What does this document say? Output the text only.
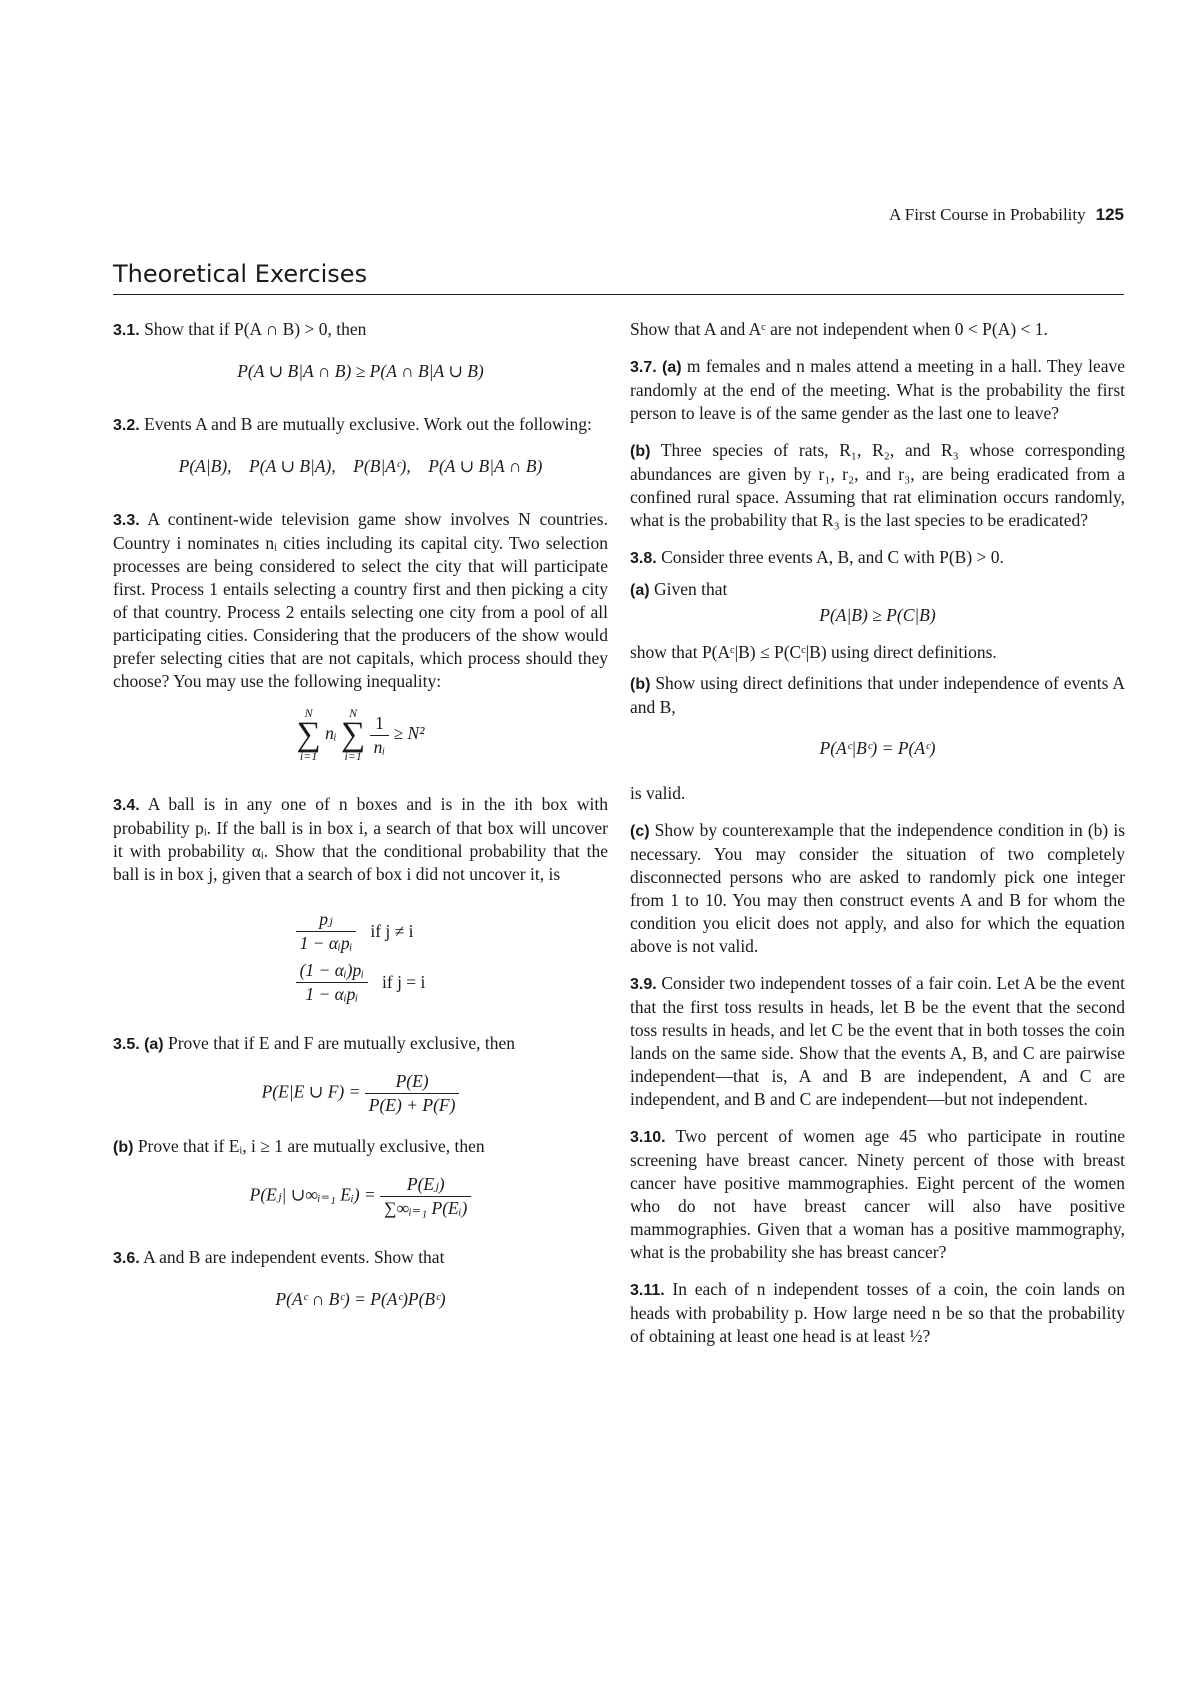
A First Course in Probability 125
Theoretical Exercises

3.1. Show that if P(A ∩ B) > 0, then

P(A ∪ B|A ∩ B) ≥ P(A ∩ B|A ∪ B)

3.2. Events A and B are mutually exclusive. Work out the following:

P(A|B),    P(A ∪ B|A),    P(B|Aᶜ),    P(A ∪ B|A ∩ B)

3.3. A continent-wide television game show involves N countries. Country i nominates nᵢ cities including its capital city. Two selection processes are being considered to select the city that will participate first. Process 1 entails selecting a country first and then picking a city of that country. Process 2 entails selecting one city from a pool of all participating cities. Considering that the producers of the show would prefer selecting cities that are not capitals, which process should they choose? You may use the following inequality:

N
∑
i=1 nᵢ N
∑
$i=1 \frac{1}{\text{nᵢ}} \ge N^2$

3.4. A ball is in any one of n boxes and is in the ith box with probability pᵢ. If the ball is in box i, a search of that box will uncover it with probability αᵢ. Show that the conditional probability that the ball is in box j, given that a search of box i did not uncover it, is

$\frac{\text{pⱼ}}{\text{1 − αᵢpᵢ}}$ if j ≠ i
$\frac{\text{(1 − αᵢ)pᵢ}}{\text{1 − αᵢpᵢ}}$ if j = i

3.5. (a) Prove that if E and F are mutually exclusive, then

P(E|E ∪ $F) = \frac{P(E)}{P(E) + P(F)}$

(b) Prove that if Eᵢ, i ≥ 1 are mutually exclusive, then

P(Eⱼ| ∪∞ᵢ₌₁ Eᵢ) = $\frac{\text{P(Eⱼ)}}{\text{∑∞ᵢ₌₁ P(Eᵢ)}}$

3.6. A and B are independent events. Show that

P(Aᶜ ∩ Bᶜ) = P(Aᶜ)P(Bᶜ)

Show that A and Aᶜ are not independent when 0 < P(A) < 1.

3.7. (a) m females and n males attend a meeting in a hall. They leave randomly at the end of the meeting. What is the probability the first person to leave is of the same gender as the last one to leave?

(b) Three species of rats, R₁, R₂, and R₃ whose corresponding abundances are given by r₁, r₂, and r₃, are being eradicated from a confined rural space. Assuming that rat elimination occurs randomly, what is the probability that R₃ is the last species to be eradicated?

3.8. Consider three events A, B, and C with P(B) > 0.

(a) Given that

P(A|B) ≥ P(C|B)

show that P(Aᶜ|B) ≤ P(Cᶜ|B) using direct definitions.

(b) Show using direct definitions that under independence of events A and B,

P(Aᶜ|Bᶜ) = P(Aᶜ)

is valid.

(c) Show by counterexample that the independence condition in (b) is necessary. You may consider the situation of two completely disconnected persons who are asked to randomly pick one integer from 1 to 10. You may then construct events A and B for whom the condition you elicit does not apply, and also for which the equation above is not valid.

3.9. Consider two independent tosses of a fair coin. Let A be the event that the first toss results in heads, let B be the event that the second toss results in heads, and let C be the event that in both tosses the coin lands on the same side. Show that the events A, B, and C are pairwise independent—that is, A and B are independent, A and C are independent, and B and C are independent—but not independent.

3.10. Two percent of women age 45 who participate in routine screening have breast cancer. Ninety percent of those with breast cancer have positive mammographies. Eight percent of the women who do not have breast cancer will also have positive mammographies. Given that a woman has a positive mammography, what is the probability she has breast cancer?

3.11. In each of n independent tosses of a coin, the coin lands on heads with probability p. How large need n be so that the probability of obtaining at least one head is at least ½?
